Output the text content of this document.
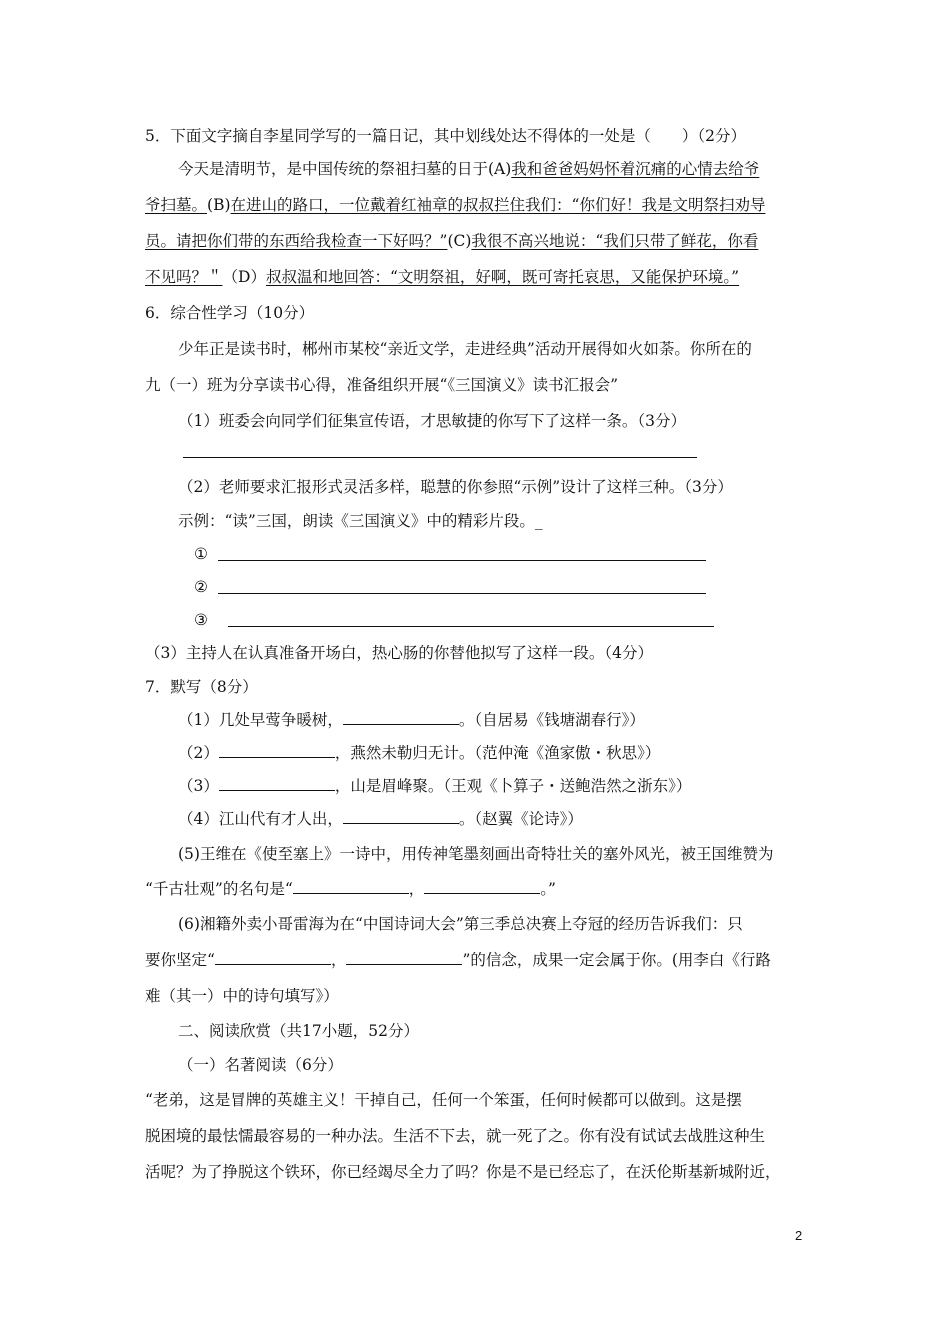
5．下面文字摘自李星同学写的一篇日记，其中划线处达不得体的一处是（　　）（2分）
今天是清明节，是中国传统的祭祖扫墓的日于(A)我和爸爸妈妈怀着沉痛的心情去给爷
爷扫墓。(B)在进山的路口，一位戴着红袖章的叔叔拦住我们：“你们好！我是文明祭扫劝导
员。请把你们带的东西给我检查一下好吗？”(C)我很不高兴地说：“我们只带了鲜花，你看
不见吗？＂（D）叔叔温和地回答：“文明祭祖，好啊，既可寄托哀思，又能保护环境。”
6．综合性学习（10分）
少年正是读书时，郴州市某校“亲近文学，走进经典”活动开展得如火如荼。你所在的
九（一）班为分享读书心得，准备组织开展“《三国演义》读书汇报会”
（1）班委会向同学们征集宣传语，才思敏捷的你写下了这样一条。（3分）
（2）老师要求汇报形式灵活多样，聪慧的你参照“示例”设计了这样三种。（3分）
示例：“读”三国，朗读《三国演义》中的精彩片段。_
①
②
③
（3）主持人在认真准备开场白，热心肠的你替他拟写了这样一段。（4分）
7．默写（8分）
（1）几处早莺争暖树，	。（自居易《钱塘湖春行》）
（2）	，燕然未勒归无计。（范仲淹《渔家傲・秋思》）
（3）	，山是眉峰聚。（王观《卜算子・送鲍浩然之浙东》）
（4）江山代有才人出，	。（赵翼《论诗》）
(5)王维在《使至塞上》一诗中，用传神笔墨刻画出奇特壮关的塞外风光，被王国维赞为
“千古壮观”的名句是“	，	。”
(6)湘籍外卖小哥雷海为在“中国诗词大会”第三季总决赛上夺冠的经历告诉我们：只
要你坚定“	，	”的信念，成果一定会属于你。(用李白《行路
难（其一）中的诗句填写》）
二、阅读欣赏（共17小题，52分）
（一）名著阅读（6分）
“老弟，这是冒牌的英雄主义！干掉自己，任何一个笨蛋，任何时候都可以做到。这是摆
脱困境的最怯懦最容易的一种办法。生活不下去，就一死了之。你有没有试试去战胜这种生
活呢？为了挣脱这个铁环，你已经竭尽全力了吗？你是不是已经忘了，在沃伦斯基新城附近，
2
